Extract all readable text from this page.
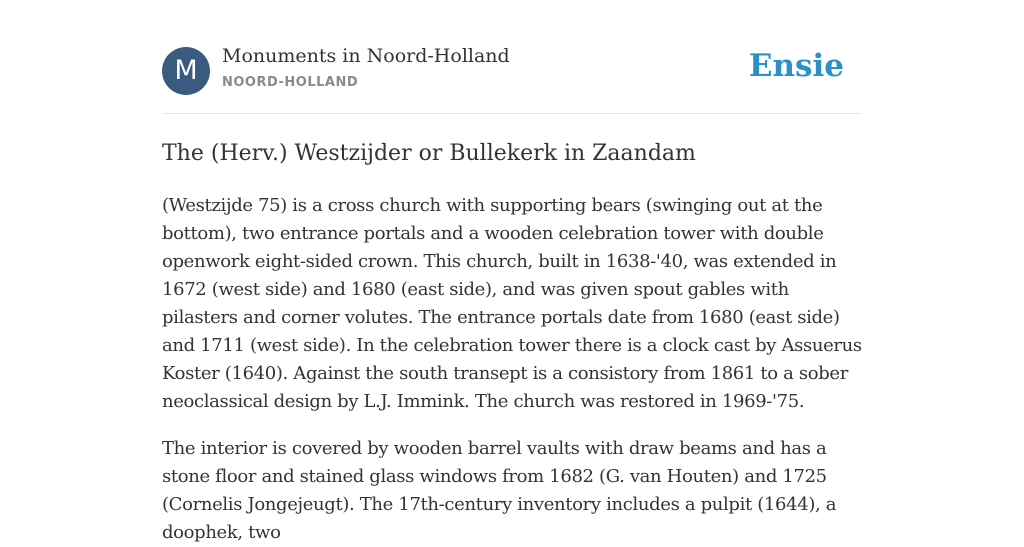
M	Monuments in Noord-Holland
NOORD-HOLLAND	Ensie
The (Herv.) Westzijder or Bullekerk in Zaandam

(Westzijde 75) is a cross church with supporting bears (swinging out at the bottom), two entrance portals and a wooden celebration tower with double openwork eight-sided crown. This church, built in 1638-'40, was extended in 1672 (west side) and 1680 (east side), and was given spout gables with pilasters and corner volutes. The entrance portals date from 1680 (east side) and 1711 (west side). In the celebration tower there is a clock cast by Assuerus Koster (1640). Against the south transept is a consistory from 1861 to a sober neoclassical design by L.J. Immink. The church was restored in 1969-'75.

The interior is covered by wooden barrel vaults with draw beams and has a stone floor and stained glass windows from 1682 (G. van Houten) and 1725 (Cornelis Jongejeugt). The 17th-century inventory includes a pulpit (1644), a doophek, two
